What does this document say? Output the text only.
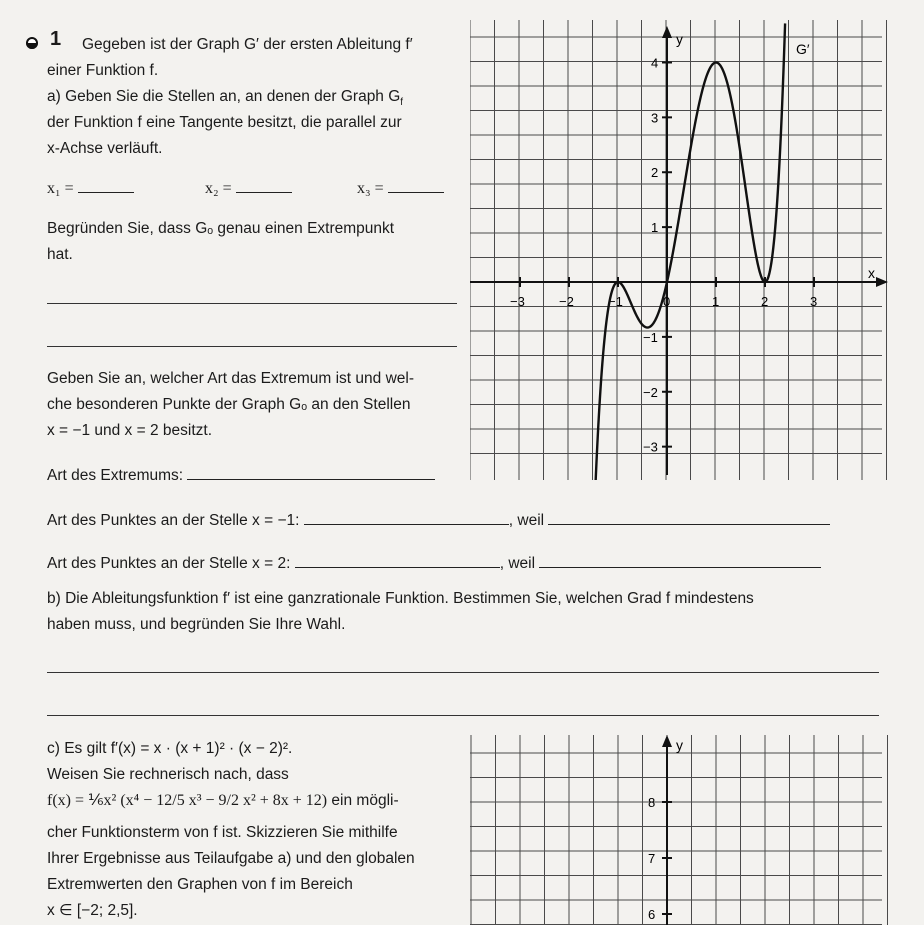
1 Gegeben ist der Graph G′ der ersten Ableitung f′
einer Funktion f.
a) Geben Sie die Stellen an, an denen der Graph $G_f$
der Funktion f eine Tangente besitzt, die parallel zur
x-Achse verläuft.
x₁ =	x₂ =	x₃ =
Begründen Sie, dass Gₒ genau einen Extrempunkt
hat.
Geben Sie an, welcher Art das Extremum ist und wel-
che besonderen Punkte der Graph Gₒ an den Stellen
x = −1 und x = 2 besitzt.
Art des Extremums:
Art des Punktes an der Stelle x = −1:	, weil
Art des Punktes an der Stelle x = 2:	, weil
b) Die Ableitungsfunktion f′ ist eine ganzrationale Funktion. Bestimmen Sie, welchen Grad f mindestens
haben muss, und begründen Sie Ihre Wahl.
c) Es gilt f′(x) = x · (x + 1)² · (x − 2)².
Weisen Sie rechnerisch nach, dass
f(x) = ⅙x² (x⁴ − 12/5 x³ − 9/2 x² + 8x + 12) ein mögli-
cher Funktionsterm von f ist. Skizzieren Sie mithilfe
Ihrer Ergebnisse aus Teilaufgabe a) und den globalen
Extremwerten den Graphen von f im Bereich
x ∈ [−2; 2,5].
x
y
G′
−3	−2	−1	0	1	2	3
4
3
2
1
−1
−2
−3
y
8
7
6
